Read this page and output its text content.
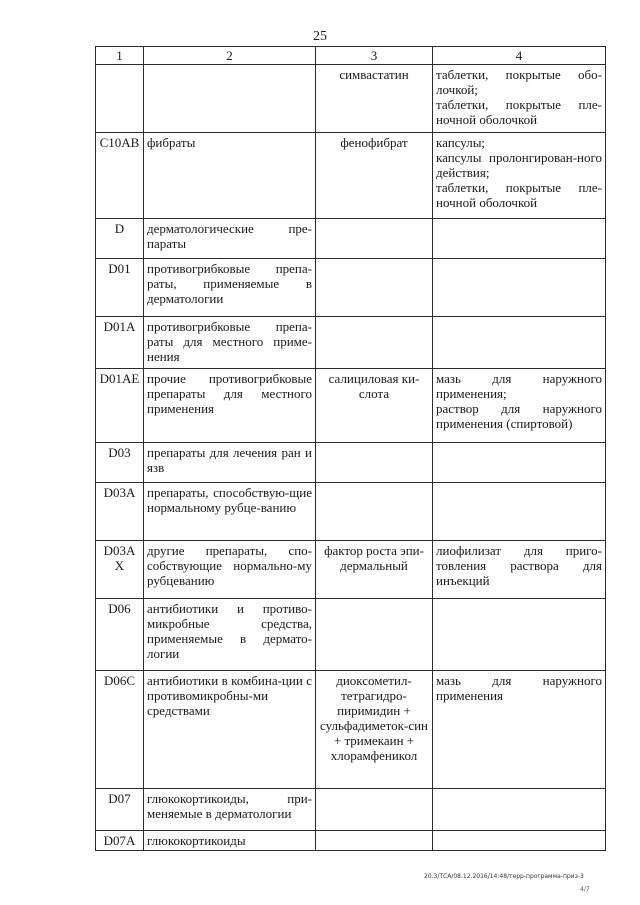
25
1	2	3	4
		симвастатин	таблетки, покрытые обо-лочкой;
таблетки, покрытые пле-ночной оболочкой

C10AB	фибраты	фенофибрат	капсулы;
капсулы пролонгирован-ного действия;
таблетки, покрытые пле-ночной оболочкой

D	дерматологические пре-параты		
D01	противогрибковые препа-раты, применяемые в дерматологии		
D01A	противогрибковые препа-раты для местного приме-нения		
D01AE	прочие противогрибковые препараты для местного применения	салициловая ки-слота	мазь для наружного применения;
раствор для наружного применения (спиртовой)

D03	препараты для лечения ран и язв		
D03A	препараты, способствую-щие нормальному рубце-ванию		
D03AX	другие препараты, спо-собствующие нормально-му рубцеванию	фактор роста эпи-дермальный	лиофилизат для приго-товления раствора для инъекций

D06	антибиотики и противо-микробные средства, применяемые в дермато-логии		
D06C	антибиотики в комбина-ции с противомикробны-ми средствами	диоксометил-тетрагидро-пиримидин + сульфадиметок-син + тримекаин + хлорамфеникол	мазь для наружного применения

D07	глюкокортикоиды, при-меняемые в дерматологии		
D07A	глюкокортикоиды		
20.3/ТСА/08.12.2016/14:48/терр-программа-приз-3
4/7
